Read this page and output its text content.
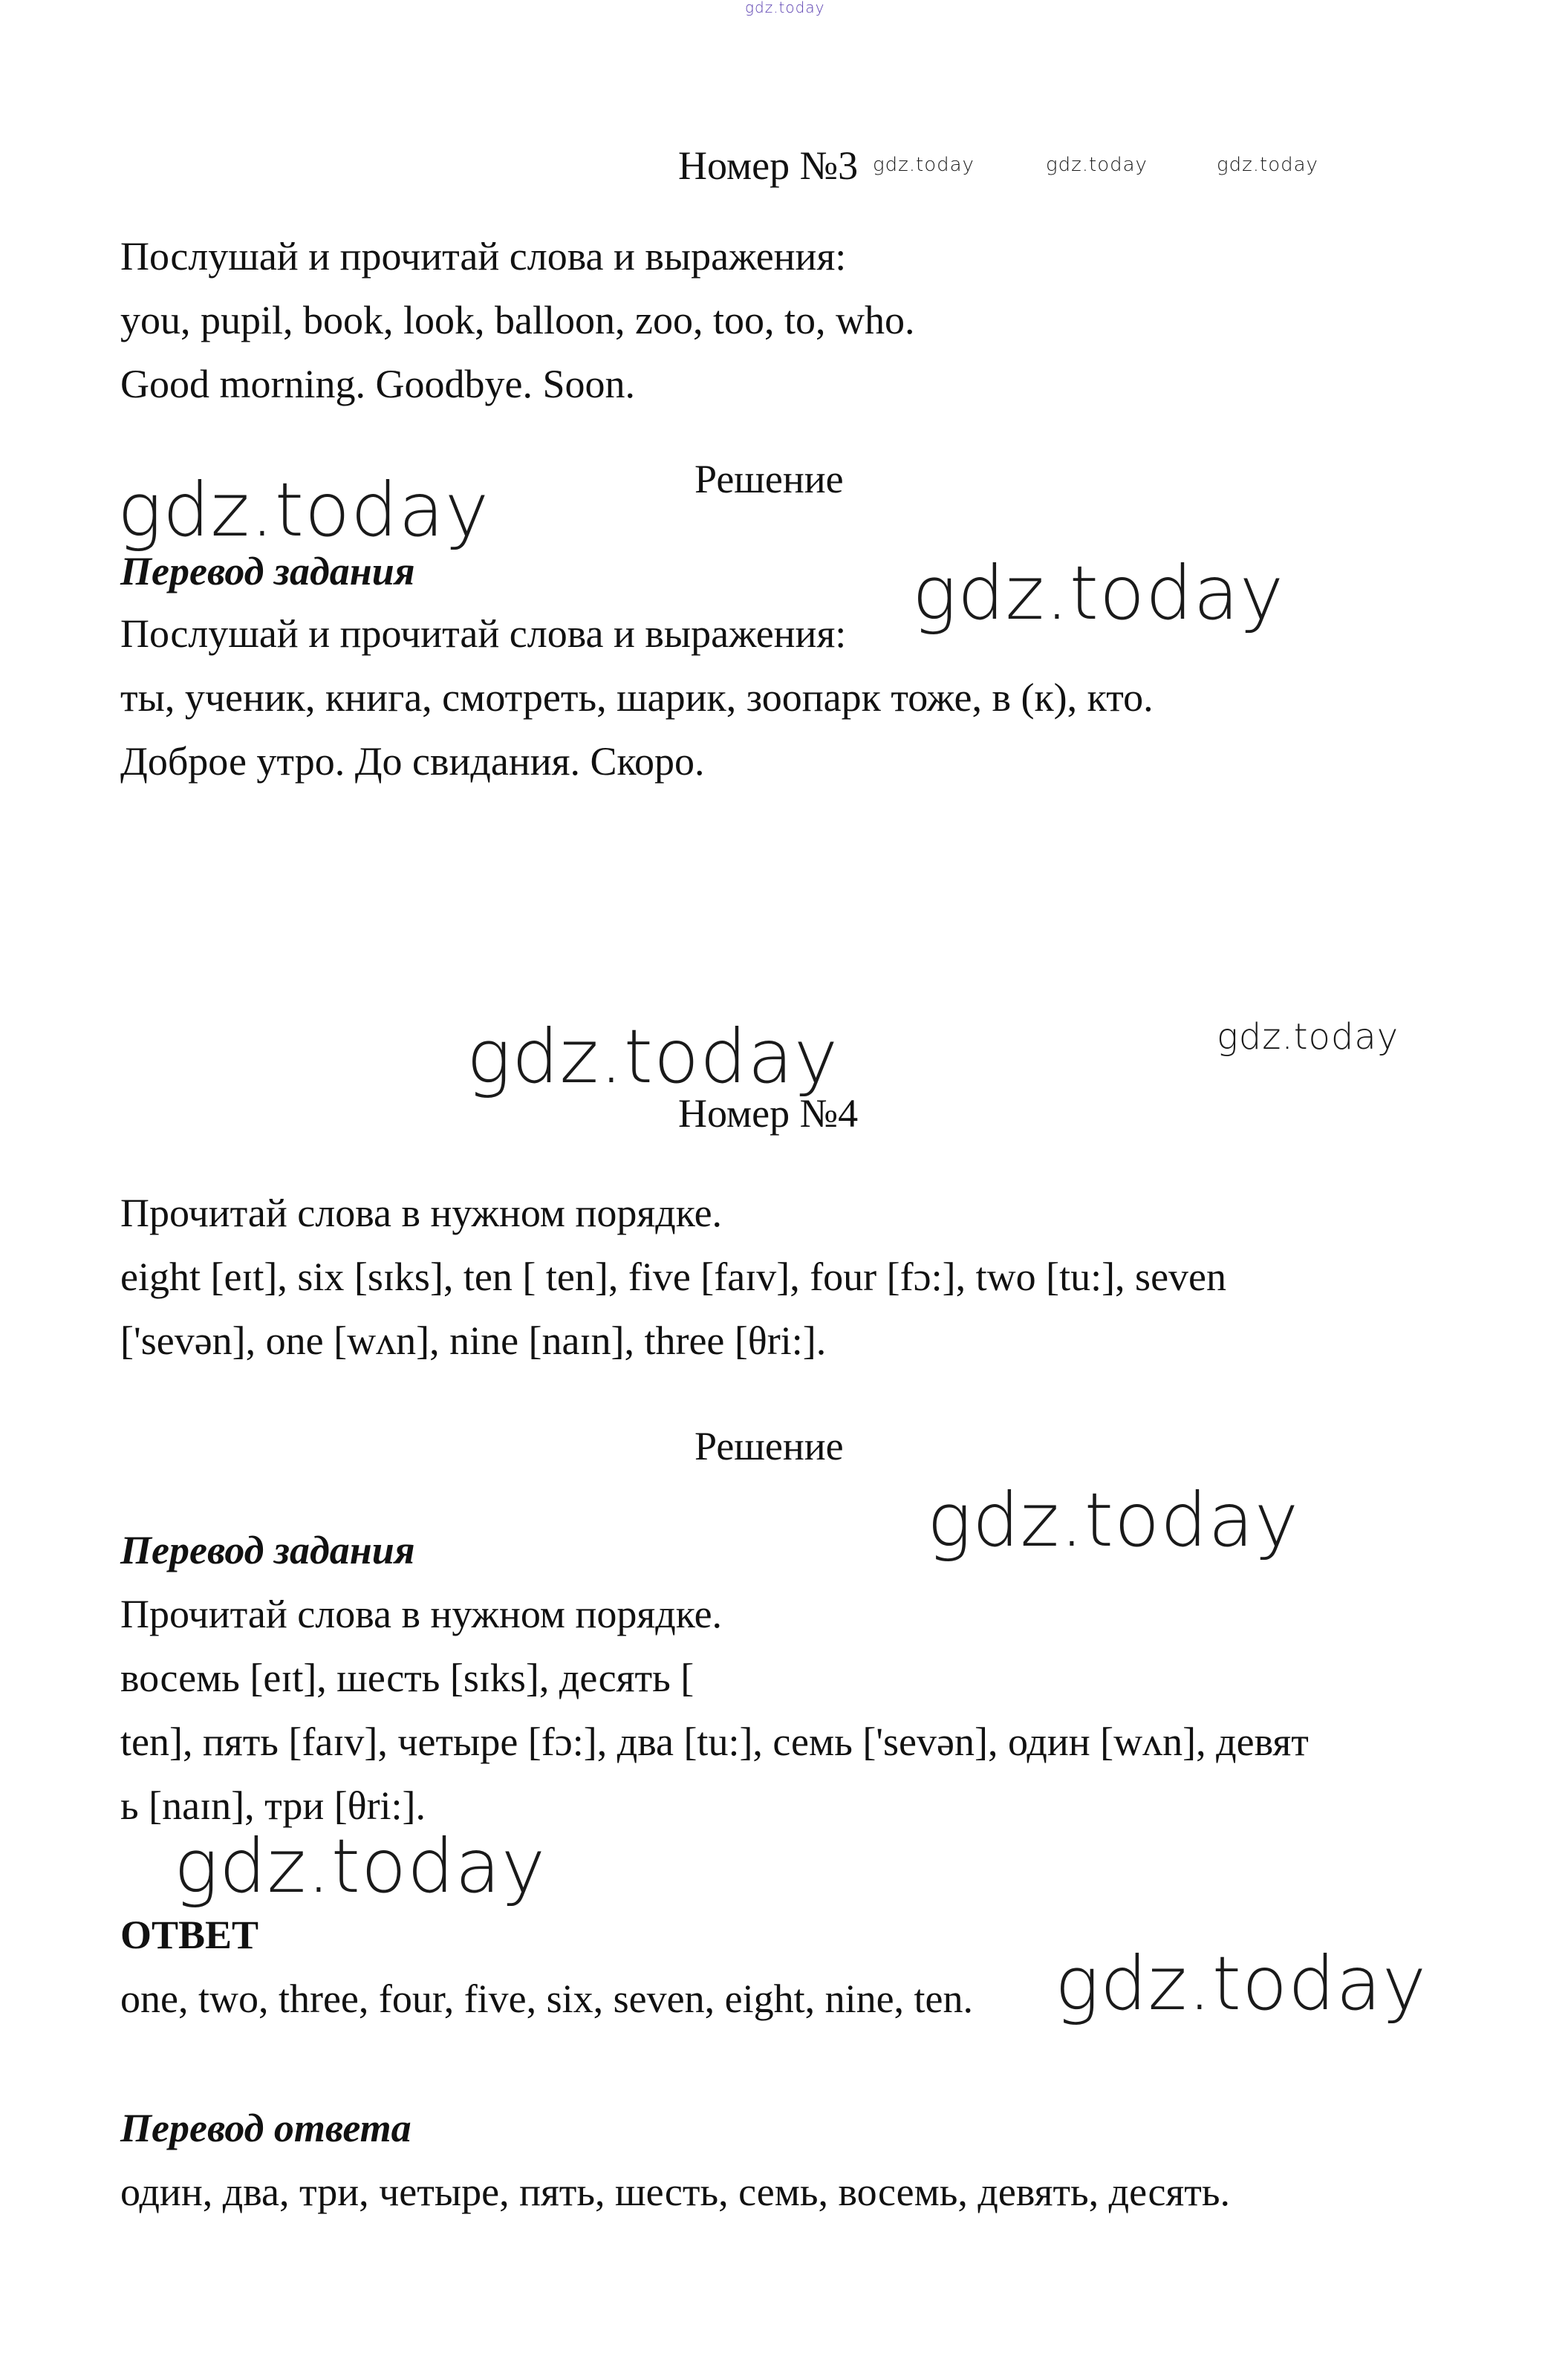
gdz.today
Номер №3 gdz.today	gdz.today	gdz.today
Послушай и прочитай слова и выражения:
you, pupil, book, look, balloon, zoo, too, to, who.
Good morning. Goodbye. Soon.
Решение
gdz.today
Перевод задания	gdz.today
Послушай и прочитай слова и выражения:
ты, ученик, книга, смотреть, шарик, зоопарк тоже, в (к), кто.
Доброе утро. До свидания. Скоро.
gdz.today	gdz.today
Номер №4
Прочитай слова в нужном порядке.
eight [eɪt], six [sɪks], ten [ ten], five [faɪv], four [fɔ:], two [tu:], seven
['sevən], one [wʌn], nine [naɪn], three [θri:].
Решение
gdz.today
Перевод задания
Прочитай слова в нужном порядке.
восемь [eɪt], шесть [sɪks], десять [
ten], пять [faɪv], четыре [fɔ:], два [tu:], семь ['sevən], один [wʌn], девят
ь [naɪn], три [θri:].
gdz.today
ОТВЕТ
one, two, three, four, five, six, seven, eight, nine, ten. gdz.today
Перевод ответа
один, два, три, четыре, пять, шесть, семь, восемь, девять, десять.
